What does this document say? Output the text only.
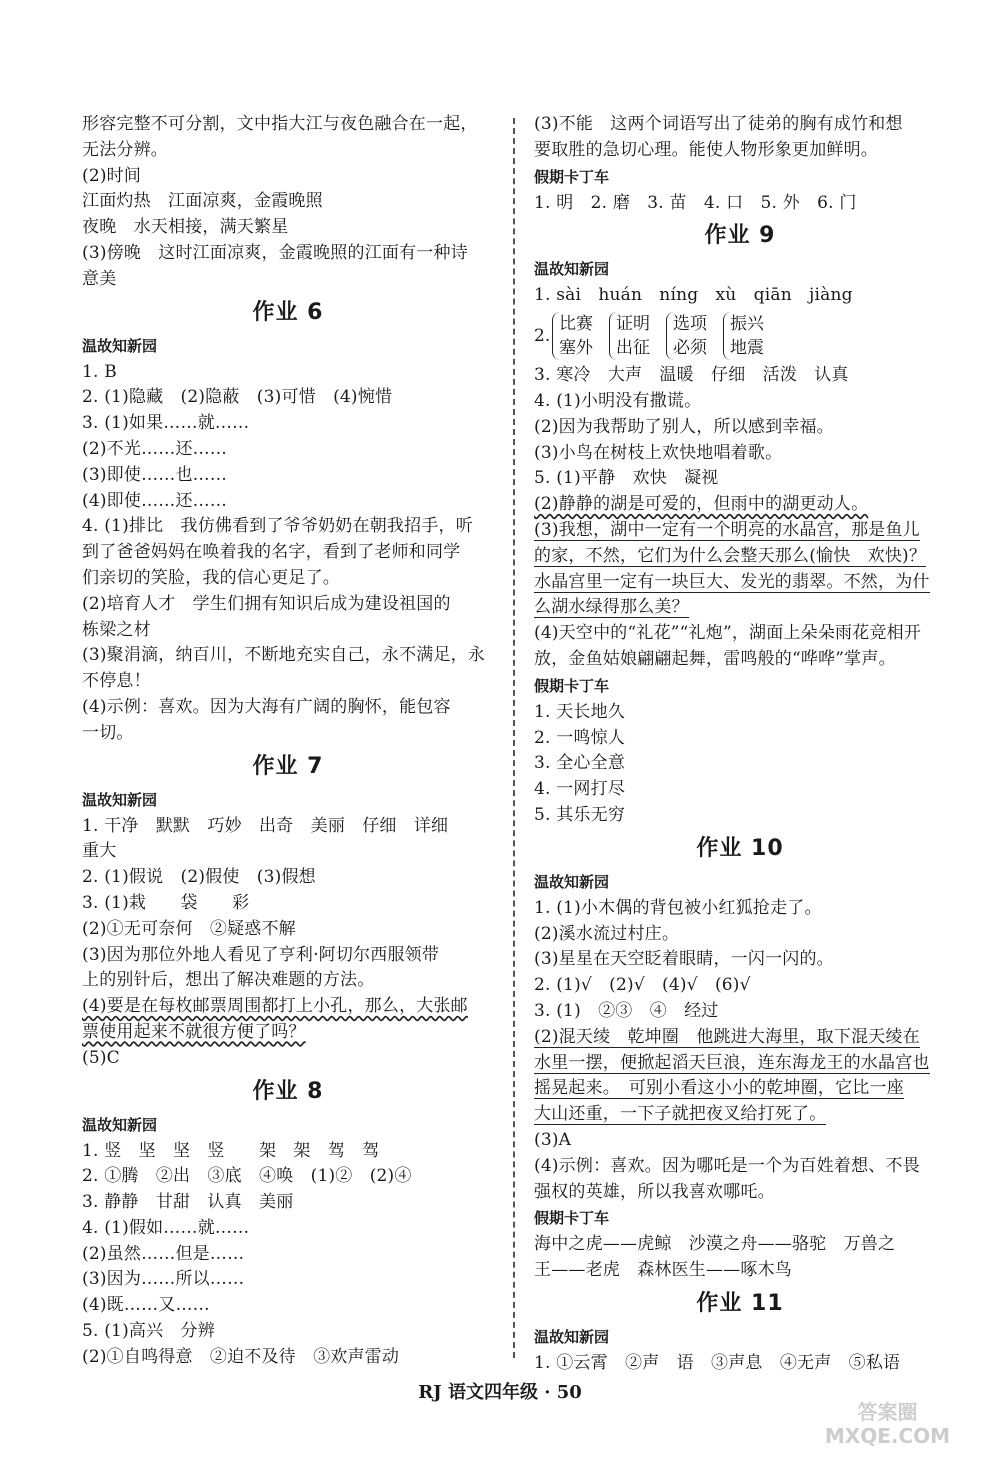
形容完整不可分割，文中指大江与夜色融合在一起，
无法分辨。
(2)时间
江面灼热　江面凉爽，金霞晚照
夜晚　水天相接，满天繁星
(3)傍晚　这时江面凉爽，金霞晚照的江面有一种诗
意美
作业 6
温故知新园
1. B
2. (1)隐藏　(2)隐蔽　(3)可惜　(4)惋惜
3. (1)如果……就……
(2)不光……还……
(3)即使……也……
(4)即使……还……
4. (1)排比　我仿佛看到了爷爷奶奶在朝我招手，听
到了爸爸妈妈在唤着我的名字，看到了老师和同学
们亲切的笑脸，我的信心更足了。
(2)培育人才　学生们拥有知识后成为建设祖国的
栋梁之材
(3)聚涓滴，纳百川，不断地充实自己，永不满足，永
不停息！
(4)示例：喜欢。因为大海有广阔的胸怀，能包容
一切。
作业 7
温故知新园
1. 干净　默默　巧妙　出奇　美丽　仔细　详细
重大
2. (1)假说　(2)假使　(3)假想
3. (1)栽　　袋　　彩
(2)①无可奈何　②疑惑不解
(3)因为那位外地人看见了亨利·阿切尔西服领带
上的别针后，想出了解决难题的方法。
(4)要是在每枚邮票周围都打上小孔，那么，大张邮
票使用起来不就很方便了吗？
(5)C
作业 8
温故知新园
1. 竖　坚　坚　竖　　架　架　驾　驾
2. ①腾　②出　③底　④唤　(1)②　(2)④
3. 静静　甘甜　认真　美丽
4. (1)假如……就……
(2)虽然……但是……
(3)因为……所以……
(4)既……又……
5. (1)高兴　分辨
(2)①自鸣得意　②迫不及待　③欢声雷动
(3)不能　这两个词语写出了徒弟的胸有成竹和想
要取胜的急切心理。能使人物形象更加鲜明。
假期卡丁车
1. 明　2. 磨　3. 苗　4. 口　5. 外　6. 门
作业 9
温故知新园
1. sài　huán　níng　xù　qiān　jiàng
2.
比赛
塞外
证明
出征
选项
必须
振兴
地震
3. 寒冷　大声　温暖　仔细　活泼　认真
4. (1)小明没有撒谎。
(2)因为我帮助了别人，所以感到幸福。
(3)小鸟在树枝上欢快地唱着歌。
5. (1)平静　欢快　凝视
(2)静静的湖是可爱的，但雨中的湖更动人。
(3)我想，湖中一定有一个明亮的水晶宫，那是鱼儿
的家，不然，它们为什么会整天那么(愉快　欢快)？
水晶宫里一定有一块巨大、发光的翡翠。不然，为什
么湖水绿得那么美？
(4)天空中的“礼花”“礼炮”，湖面上朵朵雨花竞相开
放，金鱼姑娘翩翩起舞，雷鸣般的“哗哗”掌声。
假期卡丁车
1. 天长地久
2. 一鸣惊人
3. 全心全意
4. 一网打尽
5. 其乐无穷
作业 10
温故知新园
1. (1)小木偶的背包被小红狐抢走了。
(2)溪水流过村庄。
(3)星星在天空眨着眼睛，一闪一闪的。
2. (1)√　(2)√　(4)√　(6)√
3. (1)　②③　④　经过
(2)混天绫　乾坤圈　他跳进大海里，取下混天绫在
水里一摆，便掀起滔天巨浪，连东海龙王的水晶宫也
摇晃起来。　可别小看这小小的乾坤圈，它比一座
大山还重，一下子就把夜叉给打死了。
(3)A
(4)示例：喜欢。因为哪吒是一个为百姓着想、不畏
强权的英雄，所以我喜欢哪吒。
假期卡丁车
海中之虎——虎鲸　沙漠之舟——骆驼　万兽之
王——老虎　森林医生——啄木鸟
作业 11
温故知新园
1. ①云霄　②声　语　③声息　④无声　⑤私语
RJ 语文四年级 · 50
答案圈
MXQE.COM
